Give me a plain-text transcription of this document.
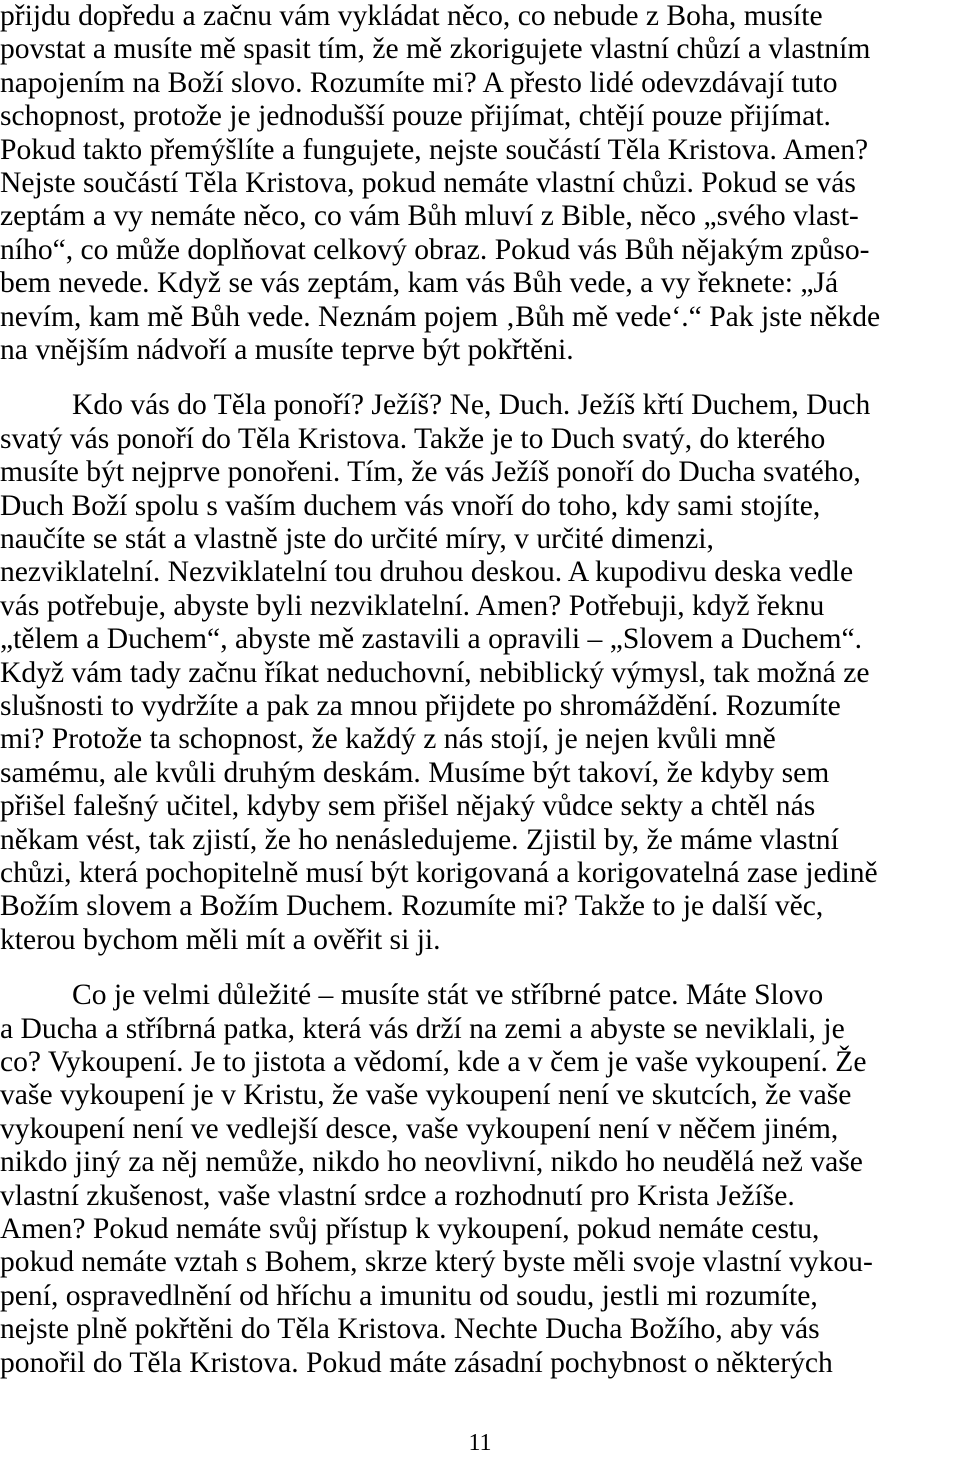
přijdu dopředu a začnu vám vykládat něco, co nebude z Boha, musíte
povstat a musíte mě spasit tím, že mě zkorigujete vlastní chůzí a vlastním
napojením na Boží slovo. Rozumíte mi? A přesto lidé odevzdávají tuto
schopnost, protože je jednodušší pouze přijímat, chtějí pouze přijímat.
Pokud takto přemýšlíte a fungujete, nejste součástí Těla Kristova. Amen?
Nejste součástí Těla Kristova, pokud nemáte vlastní chůzi. Pokud se vás
zeptám a vy nemáte něco, co vám Bůh mluví z Bible, něco „svého vlast-
ního“, co může doplňovat celkový obraz. Pokud vás Bůh nějakým způso-
bem nevede. Když se vás zeptám, kam vás Bůh vede, a vy řeknete: „Já
nevím, kam mě Bůh vede. Neznám pojem ‚Bůh mě vede‘.“ Pak jste někde
na vnějším nádvoří a musíte teprve být pokřtěni.
Kdo vás do Těla ponoří? Ježíš? Ne, Duch. Ježíš křtí Duchem, Duch
svatý vás ponoří do Těla Kristova. Takže je to Duch svatý, do kterého
musíte být nejprve ponořeni. Tím, že vás Ježíš ponoří do Ducha svatého,
Duch Boží spolu s vaším duchem vás vnoří do toho, kdy sami stojíte,
naučíte se stát a vlastně jste do určité míry, v určité dimenzi,
nezviklatelní. Nezviklatelní tou druhou deskou. A kupodivu deska vedle
vás potřebuje, abyste byli nezviklatelní. Amen? Potřebuji, když řeknu
„tělem a Duchem“, abyste mě zastavili a opravili – „Slovem a Duchem“.
Když vám tady začnu říkat neduchovní, nebiblický výmysl, tak možná ze
slušnosti to vydržíte a pak za mnou přijdete po shromáždění. Rozumíte
mi? Protože ta schopnost, že každý z nás stojí, je nejen kvůli mně
samému, ale kvůli druhým deskám. Musíme být takoví, že kdyby sem
přišel falešný učitel, kdyby sem přišel nějaký vůdce sekty a chtěl nás
někam vést, tak zjistí, že ho nenásledujeme. Zjistil by, že máme vlastní
chůzi, která pochopitelně musí být korigovaná a korigovatelná zase jedině
Božím slovem a Božím Duchem. Rozumíte mi? Takže to je další věc,
kterou bychom měli mít a ověřit si ji.
Co je velmi důležité – musíte stát ve stříbrné patce. Máte Slovo
a Ducha a stříbrná patka, která vás drží na zemi a abyste se neviklali, je
co? Vykoupení. Je to jistota a vědomí, kde a v čem je vaše vykoupení. Že
vaše vykoupení je v Kristu, že vaše vykoupení není ve skutcích, že vaše
vykoupení není ve vedlejší desce, vaše vykoupení není v něčem jiném,
nikdo jiný za něj nemůže, nikdo ho neovlivní, nikdo ho neudělá než vaše
vlastní zkušenost, vaše vlastní srdce a rozhodnutí pro Krista Ježíše.
Amen? Pokud nemáte svůj přístup k vykoupení, pokud nemáte cestu,
pokud nemáte vztah s Bohem, skrze který byste měli svoje vlastní vykou-
pení, ospravedlnění od hříchu a imunitu od soudu, jestli mi rozumíte,
nejste plně pokřtěni do Těla Kristova. Nechte Ducha Božího, aby vás
ponořil do Těla Kristova. Pokud máte zásadní pochybnost o některých
11
